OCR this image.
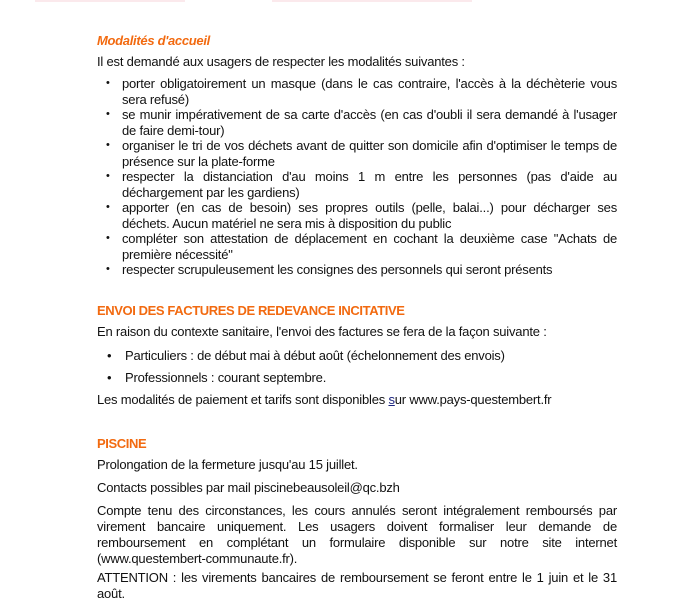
Modalités d'accueil
Il est demandé aux usagers de respecter les modalités suivantes :
• porter obligatoirement un masque (dans le cas contraire, l'accès à la déchèterie vous sera refusé)
• se munir impérativement de sa carte d'accès (en cas d'oubli il sera demandé à l'usager de faire demi-tour)
• organiser le tri de vos déchets avant de quitter son domicile afin d'optimiser le temps de présence sur la plate-forme
• respecter la distanciation d'au moins 1 m entre les personnes (pas d'aide au déchargement par les gardiens)
• apporter (en cas de besoin) ses propres outils (pelle, balai...) pour décharger ses déchets. Aucun matériel ne sera mis à disposition du public
• compléter son attestation de déplacement en cochant la deuxième case "Achats de première nécessité"
• respecter scrupuleusement les consignes des personnels qui seront présents
ENVOI DES FACTURES DE REDEVANCE INCITATIVE
En raison du contexte sanitaire, l'envoi des factures se fera de la façon suivante :
• Particuliers : de début mai à début août (échelonnement des envois)
• Professionnels : courant septembre.
Les modalités de paiement et tarifs sont disponibles sur www.pays-questembert.fr
PISCINE
Prolongation de la fermeture jusqu'au 15 juillet.
Contacts possibles par mail piscinebeausoleil@qc.bzh
Compte tenu des circonstances, les cours annulés seront intégralement remboursés par virement bancaire uniquement. Les usagers doivent formaliser leur demande de remboursement en complétant un formulaire disponible sur notre site internet (www.questembert-communaute.fr).
ATTENTION : les virements bancaires de remboursement se feront entre le 1 juin et le 31 août.
